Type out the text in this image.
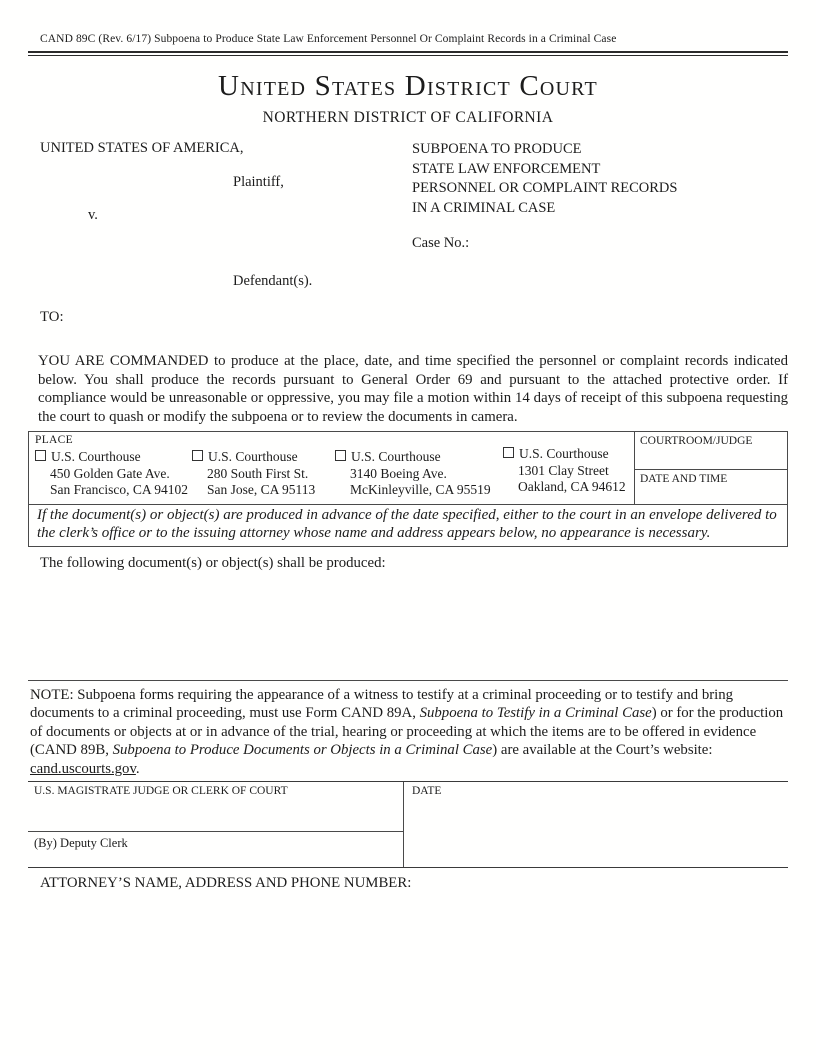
CAND 89C (Rev. 6/17) Subpoena to Produce State Law Enforcement Personnel Or Complaint Records in a Criminal Case
United States District Court
NORTHERN DISTRICT OF CALIFORNIA
UNITED STATES OF AMERICA,
Plaintiff,
v.
Defendant(s).
SUBPOENA TO PRODUCE
STATE LAW ENFORCEMENT
PERSONNEL OR COMPLAINT RECORDS
IN A CRIMINAL CASE
Case No.:
TO:

YOU ARE COMMANDED to produce at the place, date, and time specified the personnel or complaint records indicated below. You shall produce the records pursuant to General Order 69 and pursuant to the attached protective order. If compliance would be unreasonable or oppressive, you may file a motion within 14 days of receipt of this subpoena requesting the court to quash or modify the subpoena or to review the documents in camera.

PLACE
U.S. Courthouse
450 Golden Gate Ave.
San Francisco, CA 94102
U.S. Courthouse
280 South First St.
San Jose, CA 95113
U.S. Courthouse
3140 Boeing Ave.
McKinleyville, CA 95519
U.S. Courthouse
1301 Clay Street
Oakland, CA 94612
COURTROOM/JUDGE
DATE AND TIME
If the document(s) or object(s) are produced in advance of the date specified, either to the court in an envelope delivered to the clerk’s office or to the issuing attorney whose name and address appears below, no appearance is necessary.
The following document(s) or object(s) shall be produced:

NOTE: Subpoena forms requiring the appearance of a witness to testify at a criminal proceeding or to testify and bring documents to a criminal proceeding, must use Form CAND 89A, Subpoena to Testify in a Criminal Case) or for the production of documents or objects at or in advance of the trial, hearing or proceeding at which the items are to be offered in evidence (CAND 89B, Subpoena to Produce Documents or Objects in a Criminal Case) are available at the Court’s website: cand.uscourts.gov.

U.S. MAGISTRATE JUDGE OR CLERK OF COURT
(By) Deputy Clerk
DATE
ATTORNEY’S NAME, ADDRESS AND PHONE NUMBER:
